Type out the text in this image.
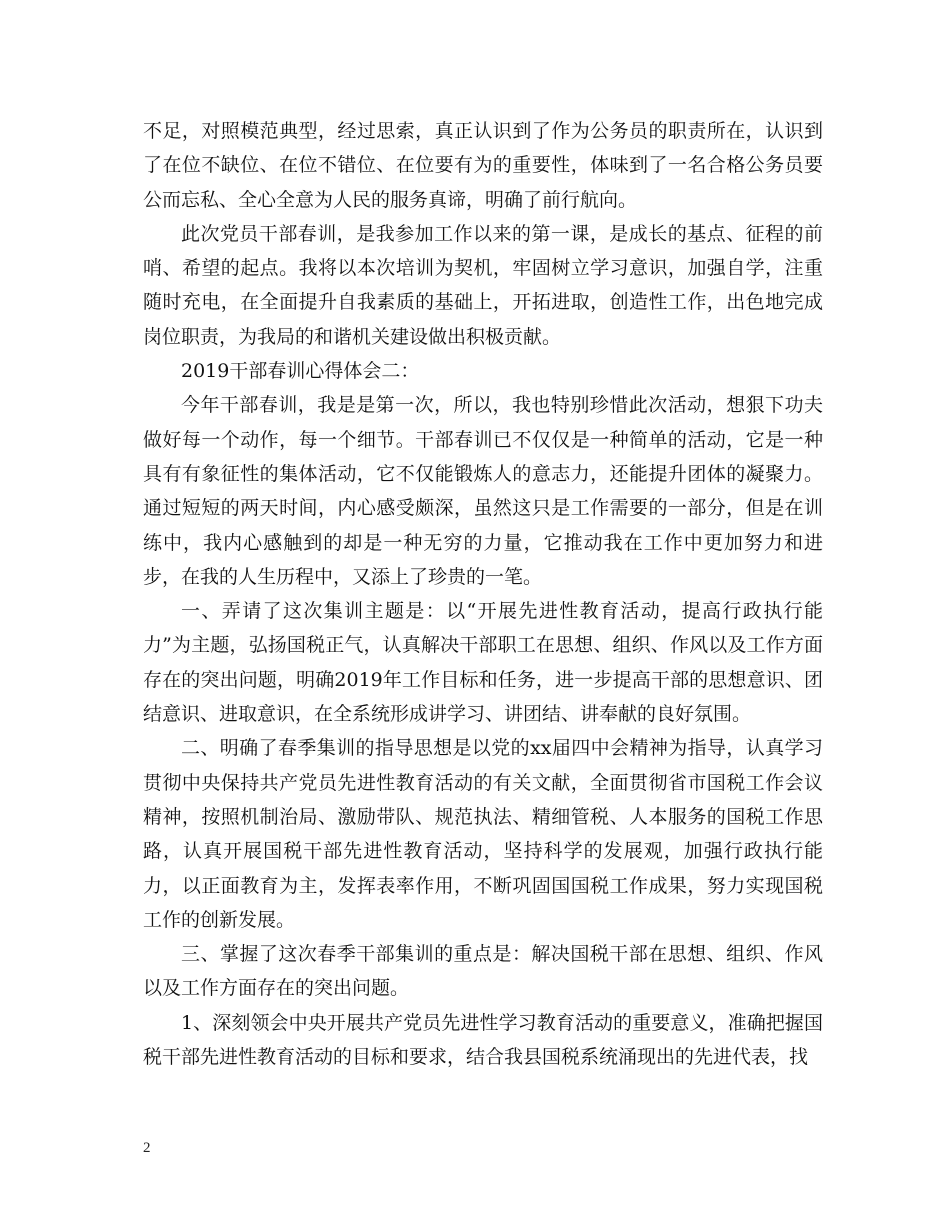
不足，对照模范典型，经过思索，真正认识到了作为公务员的职责所在，认识到了在位不缺位、在位不错位、在位要有为的重要性，体味到了一名合格公务员要公而忘私、全心全意为人民的服务真谛，明确了前行航向。

此次党员干部春训，是我参加工作以来的第一课，是成长的基点、征程的前哨、希望的起点。我将以本次培训为契机，牢固树立学习意识，加强自学，注重随时充电，在全面提升自我素质的基础上，开拓进取，创造性工作，出色地完成岗位职责，为我局的和谐机关建设做出积极贡献。

2019干部春训心得体会二：

今年干部春训，我是是第一次，所以，我也特别珍惜此次活动，想狠下功夫做好每一个动作，每一个细节。干部春训已不仅仅是一种简单的活动，它是一种具有有象征性的集体活动，它不仅能锻炼人的意志力，还能提升团体的凝聚力。通过短短的两天时间，内心感受颇深，虽然这只是工作需要的一部分，但是在训练中，我内心感触到的却是一种无穷的力量，它推动我在工作中更加努力和进步，在我的人生历程中，又添上了珍贵的一笔。

一、弄请了这次集训主题是：以“开展先进性教育活动，提高行政执行能力”为主题，弘扬国税正气，认真解决干部职工在思想、组织、作风以及工作方面存在的突出问题，明确2019年工作目标和任务，进一步提高干部的思想意识、团结意识、进取意识，在全系统形成讲学习、讲团结、讲奉献的良好氛围。

二、明确了春季集训的指导思想是以党的xx届四中会精神为指导，认真学习贯彻中央保持共产党员先进性教育活动的有关文献，全面贯彻省市国税工作会议精神，按照机制治局、激励带队、规范执法、精细管税、人本服务的国税工作思路，认真开展国税干部先进性教育活动，坚持科学的发展观，加强行政执行能力，以正面教育为主，发挥表率作用，不断巩固国国税工作成果，努力实现国税工作的创新发展。

三、掌握了这次春季干部集训的重点是：解决国税干部在思想、组织、作风以及工作方面存在的突出问题。

1、深刻领会中央开展共产党员先进性学习教育活动的重要意义，准确把握国税干部先进性教育活动的目标和要求，结合我县国税系统涌现出的先进代表，找

2
